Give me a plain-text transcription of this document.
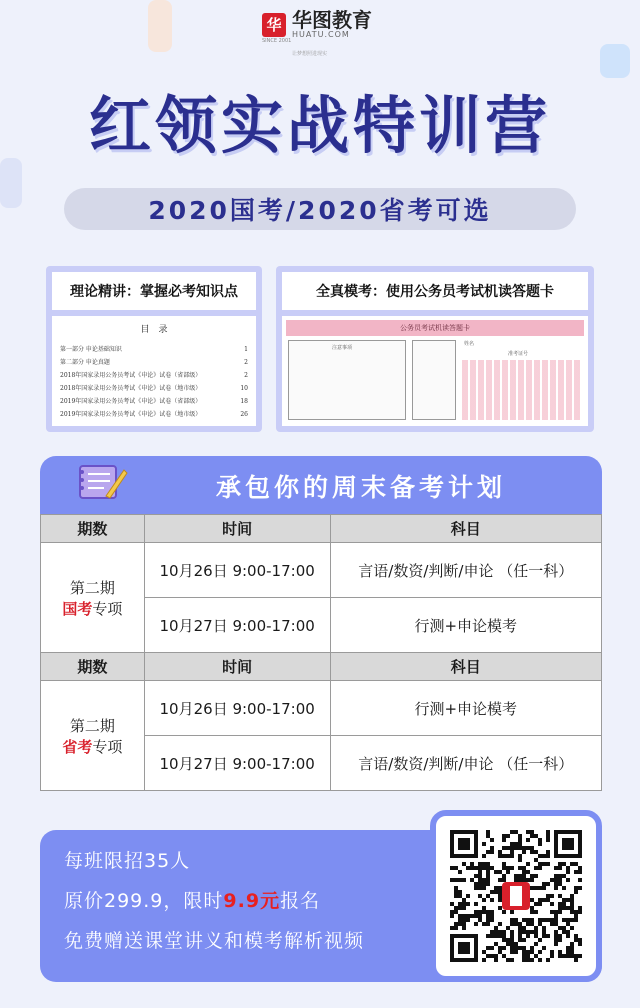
华 华图教育
HUATU.COM
SINCE 2001
让梦想照进现实
红领实战特训营
2020国考/2020省考可选
理论精讲：掌握必考知识点
目　录
第一部分 申论基础知识	1
第二部分 申论真题	2
2018年国家录用公务员考试《申论》试卷（省部级）	2
2018年国家录用公务员考试《申论》试卷（地市级）	10
2019年国家录用公务员考试《申论》试卷（省部级）	18
2019年国家录用公务员考试《申论》试卷（地市级）	26
全真模考：使用公务员考试机读答题卡
公务员考试机读答题卡
注意事项
姓名
准考证号
承包你的周末备考计划
期数	时间	科目

第二期
国考专项	10月26日 9:00-17:00	言语/数资/判断/申论 （任一科）
	10月27日 9:00-17:00	行测+申论模考
期数	时间	科目

第二期
省考专项	10月26日 9:00-17:00	行测+申论模考
	10月27日 9:00-17:00	言语/数资/判断/申论 （任一科）
每班限招35人
原价299.9，限时9.9元报名
免费赠送课堂讲义和模考解析视频
